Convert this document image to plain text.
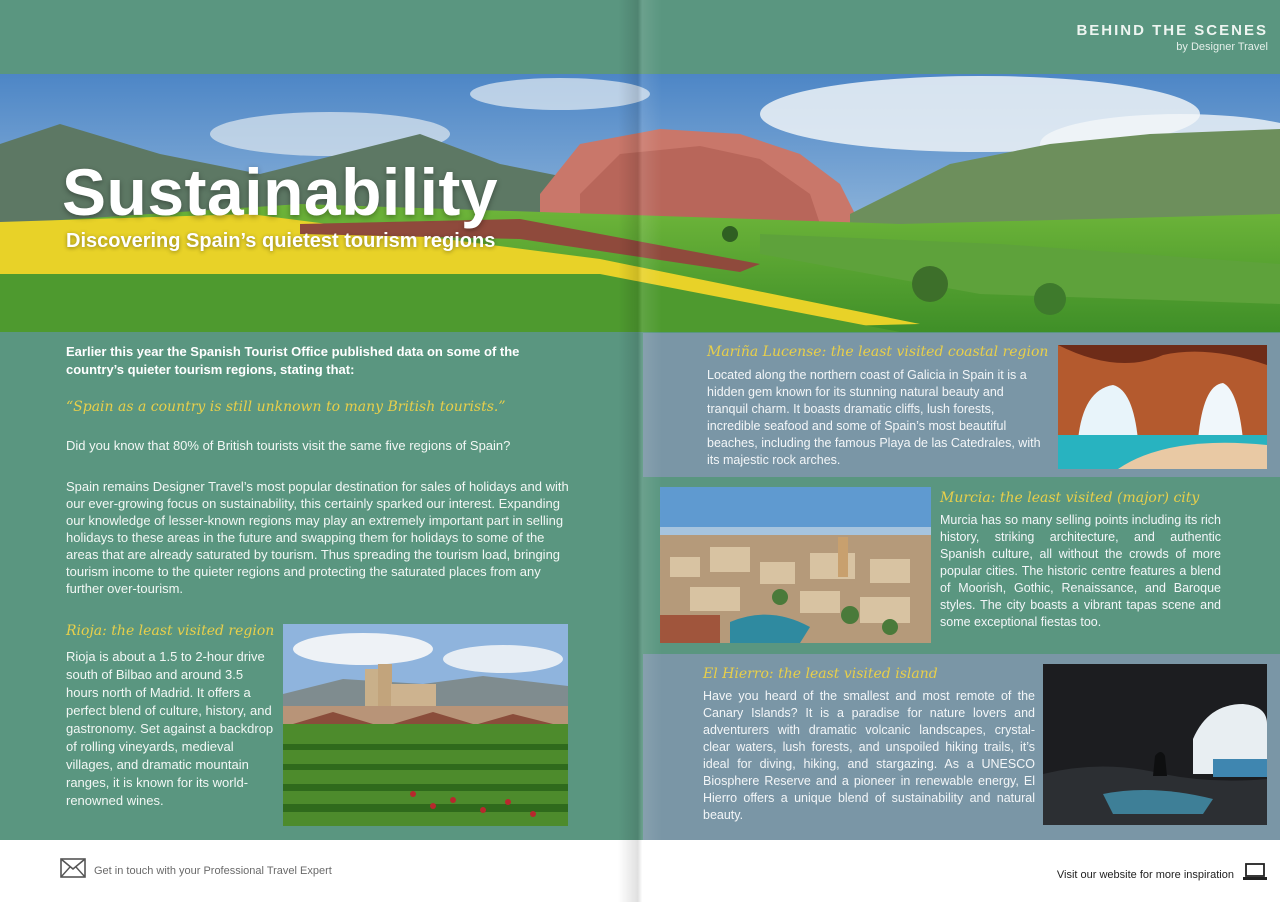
BEHIND THE SCENES
by Designer Travel
Sustainability
Discovering Spain’s quietest tourism regions
Earlier this year the Spanish Tourist Office published data on some of the country’s quieter tourism regions, stating that:
“Spain as a country is still unknown to many British tourists.”
Did you know that 80% of British tourists visit the same five regions of Spain?
Spain remains Designer Travel’s most popular destination for sales of holidays and with our ever-growing focus on sustainability, this certainly sparked our interest. Expanding our knowledge of lesser-known regions may play an extremely important part in selling holidays to these areas in the future and swapping them for holidays to some of the areas that are already saturated by tourism. Thus spreading the tourism load, bringing tourism income to the quieter regions and protecting the saturated places from any further over-tourism.
Rioja: the least visited region
Rioja is about a 1.5 to 2-hour drive south of Bilbao and around 3.5 hours north of Madrid. It offers a perfect blend of culture, history, and gastronomy. Set against a backdrop of rolling vineyards, medieval villages, and dramatic mountain ranges, it is known for its world-renowned wines.
Mariña Lucense: the least visited coastal region
Located along the northern coast of Galicia in Spain it is a hidden gem known for its stunning natural beauty and tranquil charm. It boasts dramatic cliffs, lush forests, incredible seafood and some of Spain’s most beautiful beaches, including the famous Playa de las Catedrales, with its majestic rock arches.
Murcia: the least visited (major) city
Murcia has so many selling points including its rich history, striking architecture, and authentic Spanish culture, all without the crowds of more popular cities. The historic centre features a blend of Moorish, Gothic, Renaissance, and Baroque styles. The city boasts a vibrant tapas scene and some exceptional fiestas too.
El Hierro: the least visited island
Have you heard of the smallest and most remote of the Canary Islands? It is a paradise for nature lovers and adventurers with dramatic volcanic landscapes, crystal-clear waters, lush forests, and unspoiled hiking trails, it’s ideal for diving, hiking, and stargazing. As a UNESCO Biosphere Reserve and a pioneer in renewable energy, El Hierro offers a unique blend of sustainability and natural beauty.
Get in touch with your Professional Travel Expert	Visit our website for more inspiration
